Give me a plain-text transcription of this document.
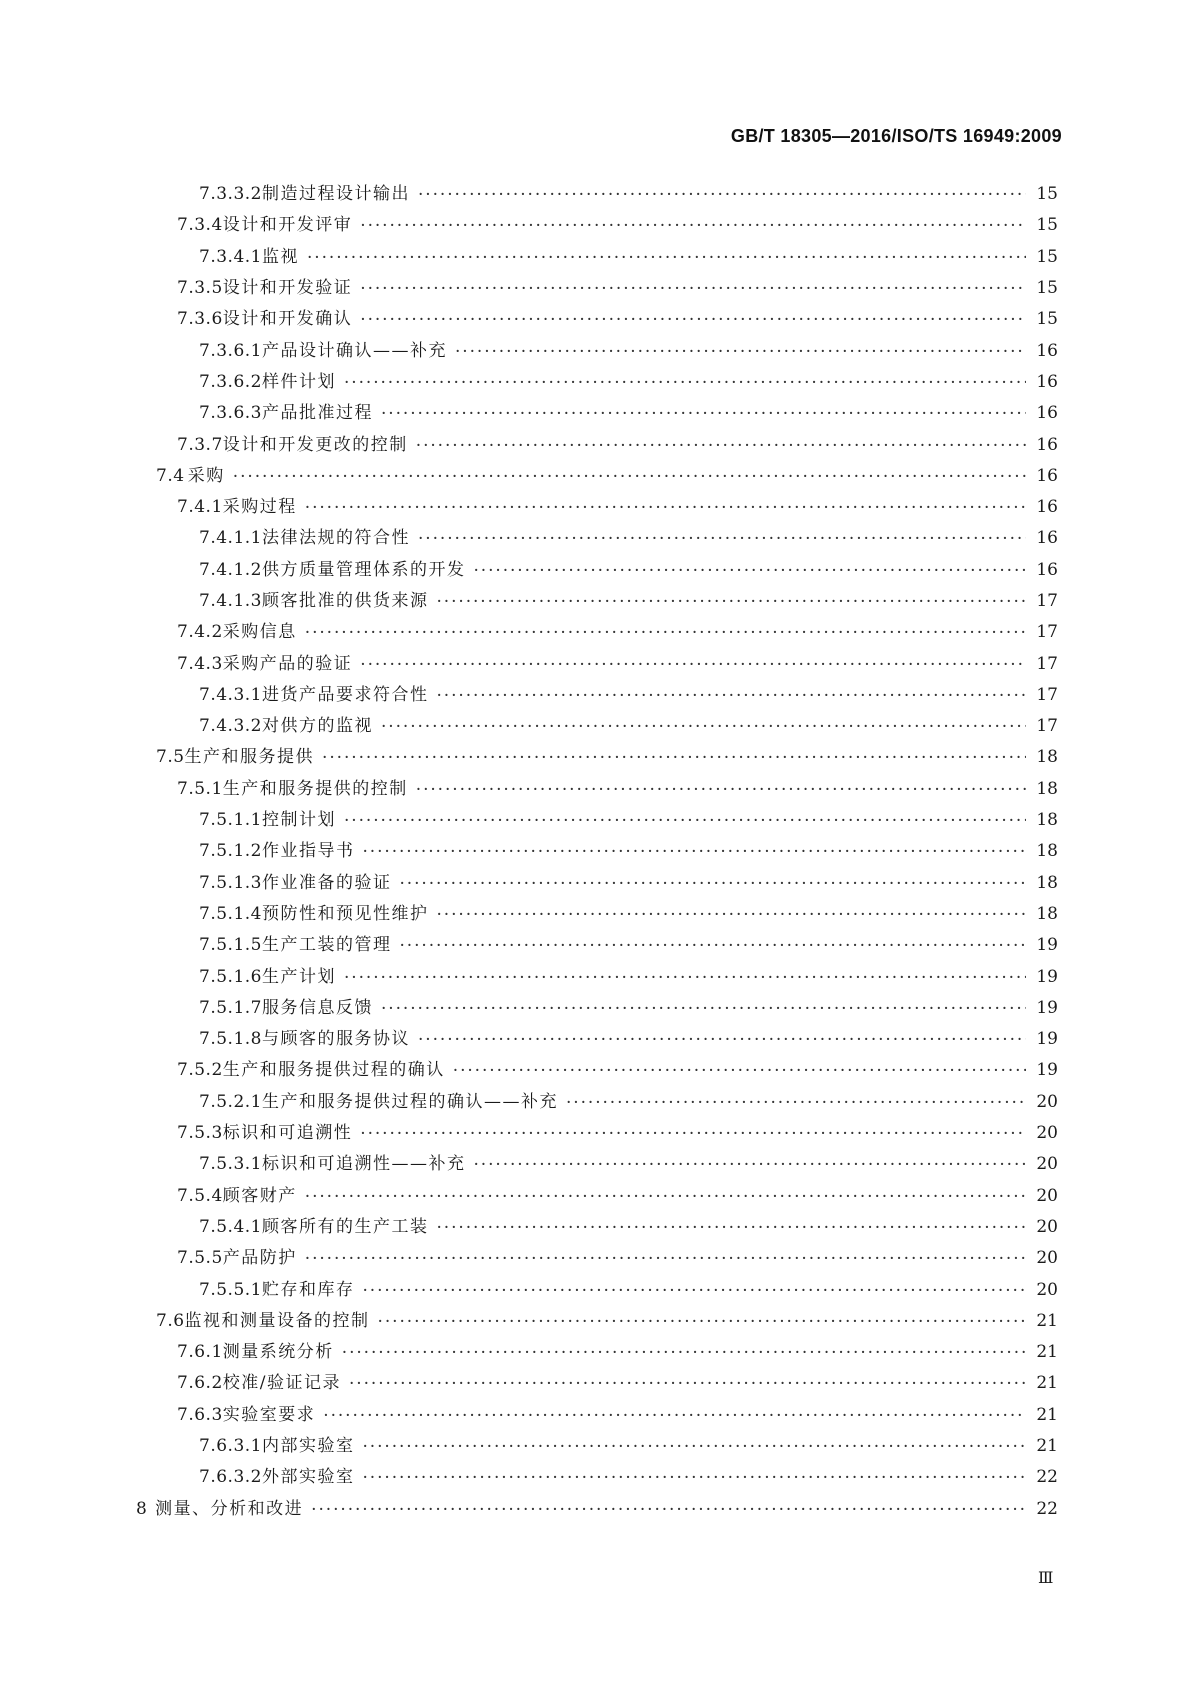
GB/T 18305—2016/ISO/TS 16949:2009
7.3.3.2 制造过程设计输出 ·····	15
7.3.4 设计和开发评审 ·····	15
7.3.4.1 监视 ·····	15
7.3.5 设计和开发验证 ·····	15
7.3.6 设计和开发确认 ·····	15
7.3.6.1 产品设计确认——补充 ·····	16
7.3.6.2 样件计划 ·····	16
7.3.6.3 产品批准过程 ·····	16
7.3.7 设计和开发更改的控制 ·····	16
7.4 采购 ·····	16
7.4.1 采购过程 ·····	16
7.4.1.1 法律法规的符合性 ·····	16
7.4.1.2 供方质量管理体系的开发 ·····	16
7.4.1.3 顾客批准的供货来源 ·····	17
7.4.2 采购信息 ·····	17
7.4.3 采购产品的验证 ·····	17
7.4.3.1 进货产品要求符合性 ·····	17
7.4.3.2 对供方的监视 ·····	17
7.5 生产和服务提供 ·····	18
7.5.1 生产和服务提供的控制 ·····	18
7.5.1.1 控制计划 ·····	18
7.5.1.2 作业指导书 ·····	18
7.5.1.3 作业准备的验证 ·····	18
7.5.1.4 预防性和预见性维护 ·····	18
7.5.1.5 生产工装的管理 ·····	19
7.5.1.6 生产计划 ·····	19
7.5.1.7 服务信息反馈 ·····	19
7.5.1.8 与顾客的服务协议 ·····	19
7.5.2 生产和服务提供过程的确认 ·····	19
7.5.2.1 生产和服务提供过程的确认——补充 ·····	20
7.5.3 标识和可追溯性 ·····	20
7.5.3.1 标识和可追溯性——补充 ·····	20
7.5.4 顾客财产 ·····	20
7.5.4.1 顾客所有的生产工装 ·····	20
7.5.5 产品防护 ·····	20
7.5.5.1 贮存和库存 ·····	20
7.6 监视和测量设备的控制 ·····	21
7.6.1 测量系统分析 ·····	21
7.6.2 校准/验证记录 ·····	21
7.6.3 实验室要求 ·····	21
7.6.3.1 内部实验室 ·····	21
7.6.3.2 外部实验室 ·····	22
8 测量、分析和改进 ·····	22
Ⅲ
